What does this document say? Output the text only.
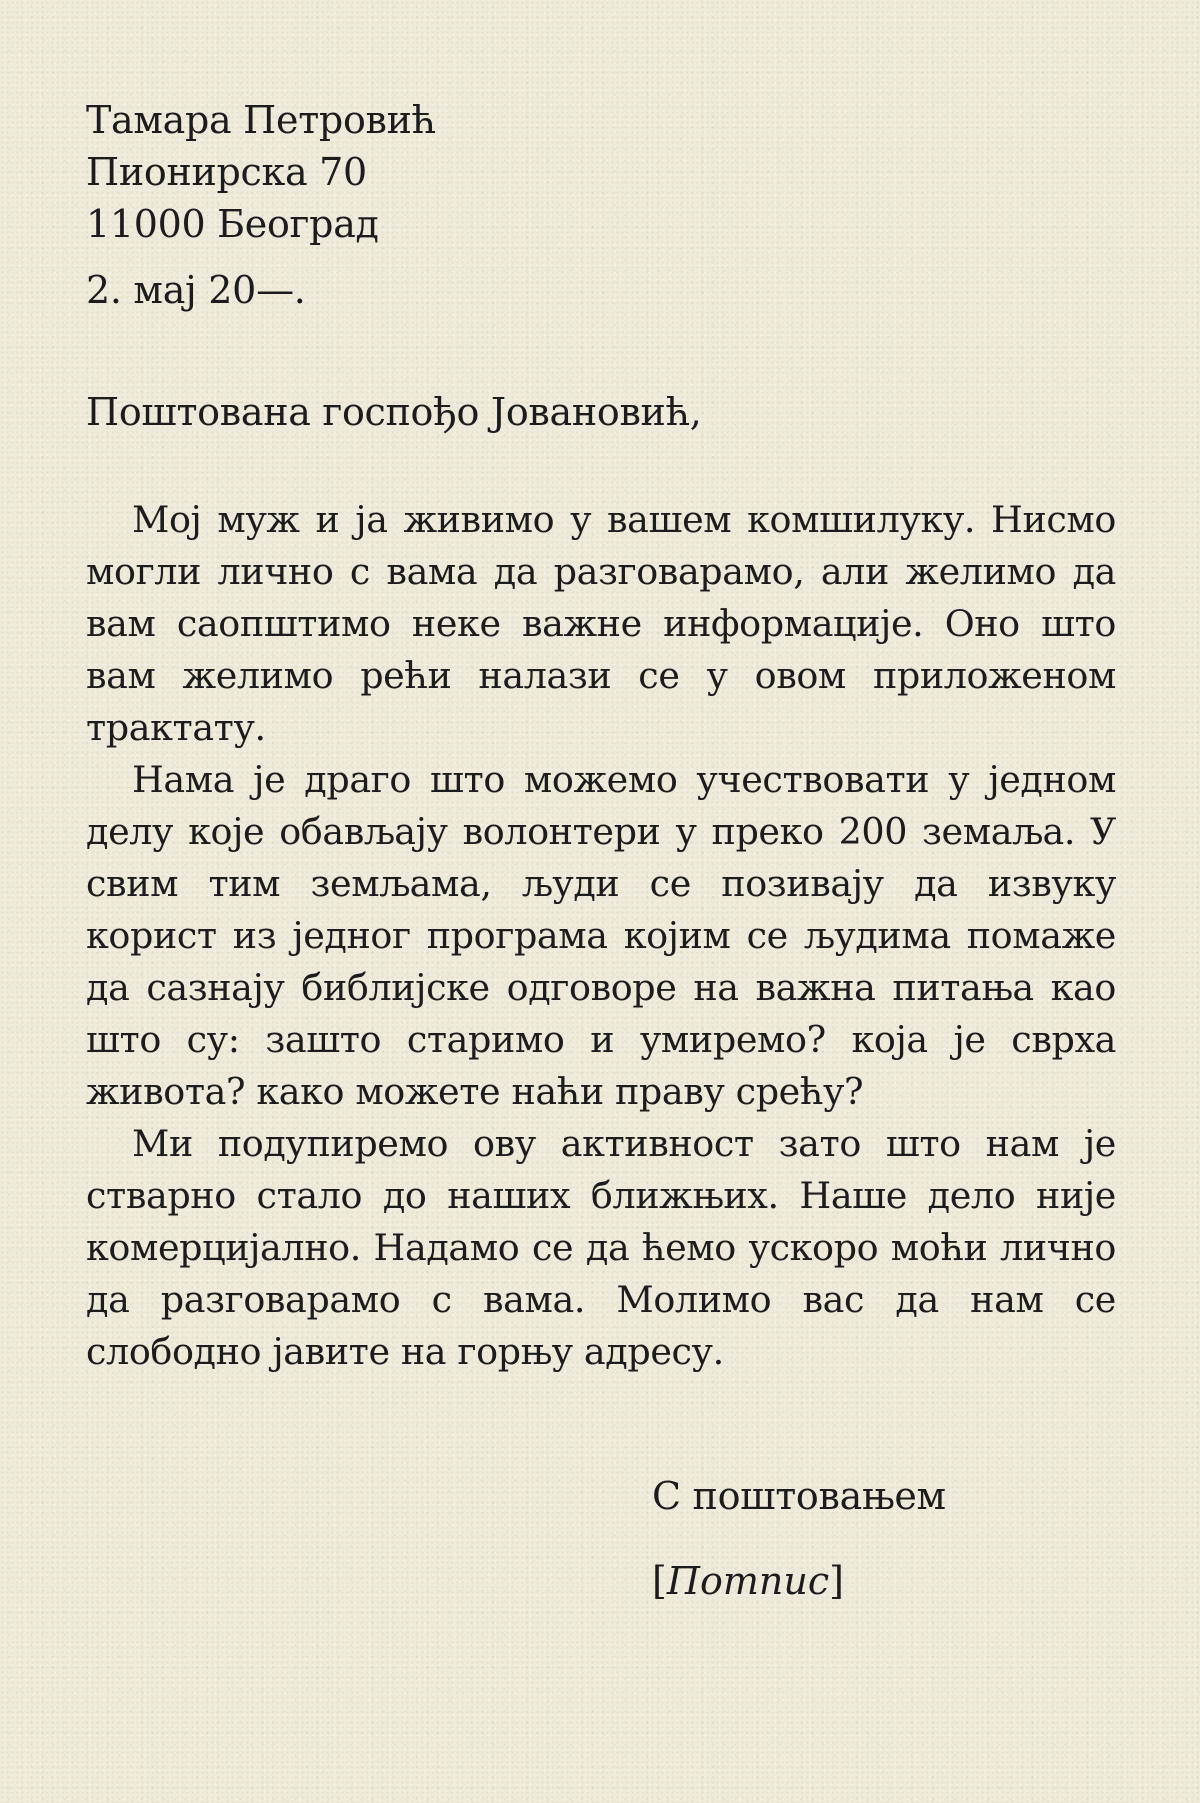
Тамара Петровић
Пионирска 70
11000 Београд
2. мај 20—.
Поштована госпођо Јовановић,

Мој муж и ја живимо у вашем комшилуку. Нисмо могли лично с вама да разговарамо, али желимо да вам саопштимо неке важне информације. Оно што вам желимо рећи налази се у овом приложеном трактату.

Нама је драго што можемо учествовати у једном делу које обављају волонтери у преко 200 земаља. У свим тим земљама, људи се позивају да извуку корист из једног програма којим се људима помаже да сазнају библијске одговоре на важна питања као што су: зашто старимо и умиремо? која је сврха живота? како можете наћи праву срећу?

Ми подупиремо ову активност зато што нам је стварно стало до наших ближњих. Наше дело није комерцијално. Надамо се да ћемо ускоро моћи лично да разговарамо с вама. Молимо вас да нам се слободно јавите на горњу адресу.

С поштовањем
[Потпис]
